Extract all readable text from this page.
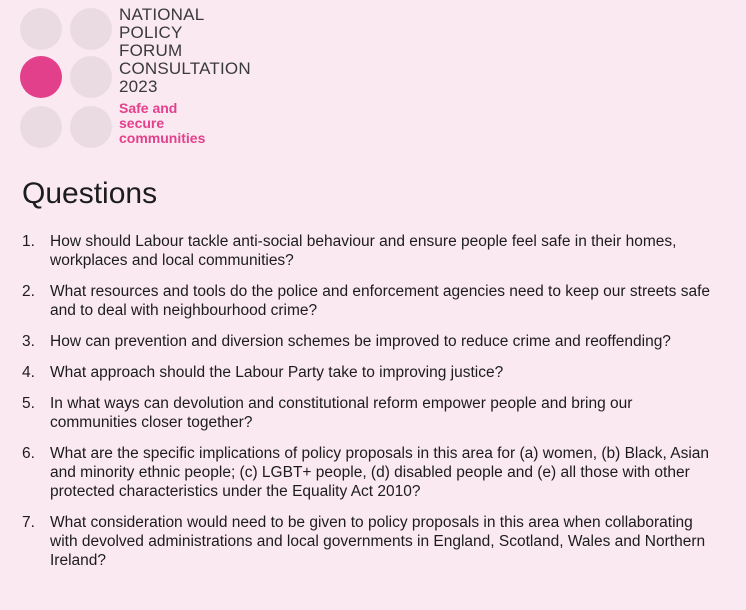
NATIONAL
POLICY
FORUM
CONSULTATION
2023
Safe and
secure
communities
Questions
1. How should Labour tackle anti-social behaviour and ensure people feel safe in their homes, workplaces and local communities?
2. What resources and tools do the police and enforcement agencies need to keep our streets safe and to deal with neighbourhood crime?
3. How can prevention and diversion schemes be improved to reduce crime and reoffending?
4. What approach should the Labour Party take to improving justice?
5. In what ways can devolution and constitutional reform empower people and bring our communities closer together?
6. What are the specific implications of policy proposals in this area for (a) women, (b) Black, Asian and minority ethnic people; (c) LGBT+ people, (d) disabled people and (e) all those with other protected characteristics under the Equality Act 2010?
7. What consideration would need to be given to policy proposals in this area when collaborating with devolved administrations and local governments in England, Scotland, Wales and Northern Ireland?
